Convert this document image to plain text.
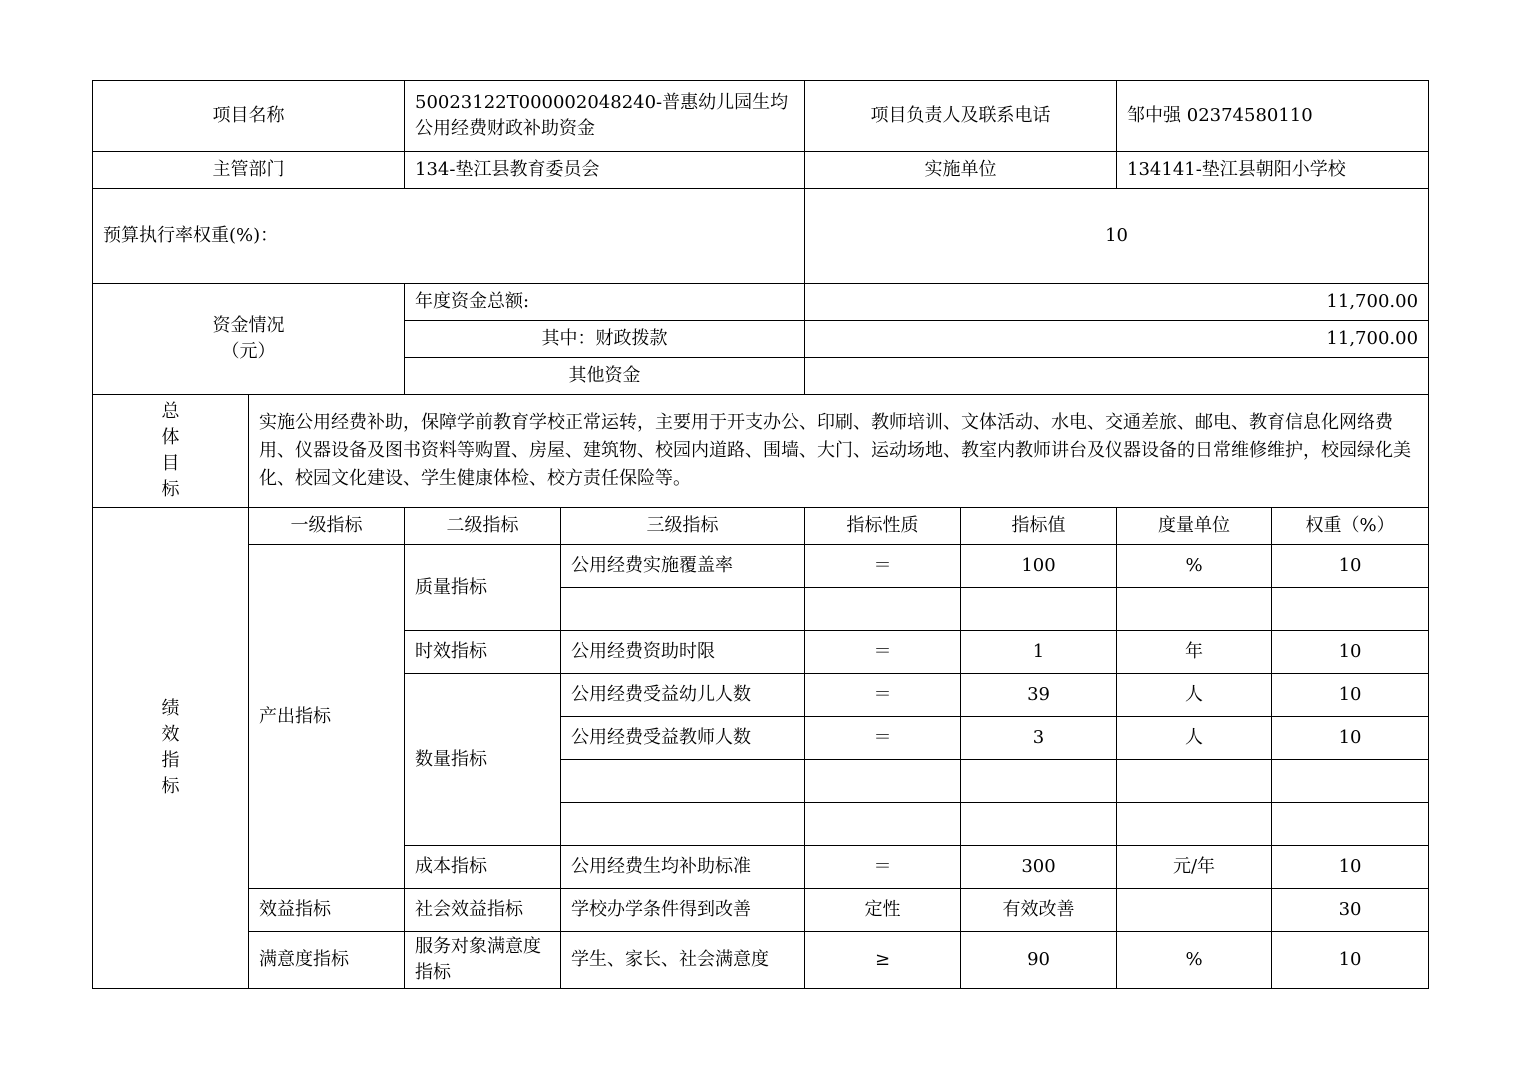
项目名称		50023122T000002048240-普惠幼儿园生均公用经费财政补助资金		项目负责人及联系电话		邹中强 02374580110	
主管部门		134-垫江县教育委员会		实施单位		134141-垫江县朝阳小学校	
预算执行率权重(%)：				10			

资金情况
（元）		年度资金总额:		11,700.00			
		其中：财政拨款		11,700.00			
		其他资金					

总
体
目
标	实施公用经费补助，保障学前教育学校正常运转，主要用于开支办公、印刷、教师培训、文体活动、水电、交通差旅、邮电、教育信息化网络费用、仪器设备及图书资料等购置、房屋、建筑物、校园内道路、围墙、大门、运动场地、教室内教师讲台及仪器设备的日常维修维护，校园绿化美化、校园文化建设、学生健康体检、校方责任保险等。						

绩
效
指
标	一级指标	二级指标	三级指标	指标性质	指标值	度量单位	权重（%）
	产出指标	质量指标	公用经费实施覆盖率	＝	100	%	10

		时效指标	公用经费资助时限	＝	1	年	10
		数量指标	公用经费受益幼儿人数	＝	39	人	10
			公用经费受益教师人数	＝	3	人	10

		成本指标	公用经费生均补助标准	＝	300	元/年	10
	效益指标	社会效益指标	学校办学条件得到改善	定性	有效改善		30
	满意度指标	服务对象满意度指标	学生、家长、社会满意度	≥	90	%	10
